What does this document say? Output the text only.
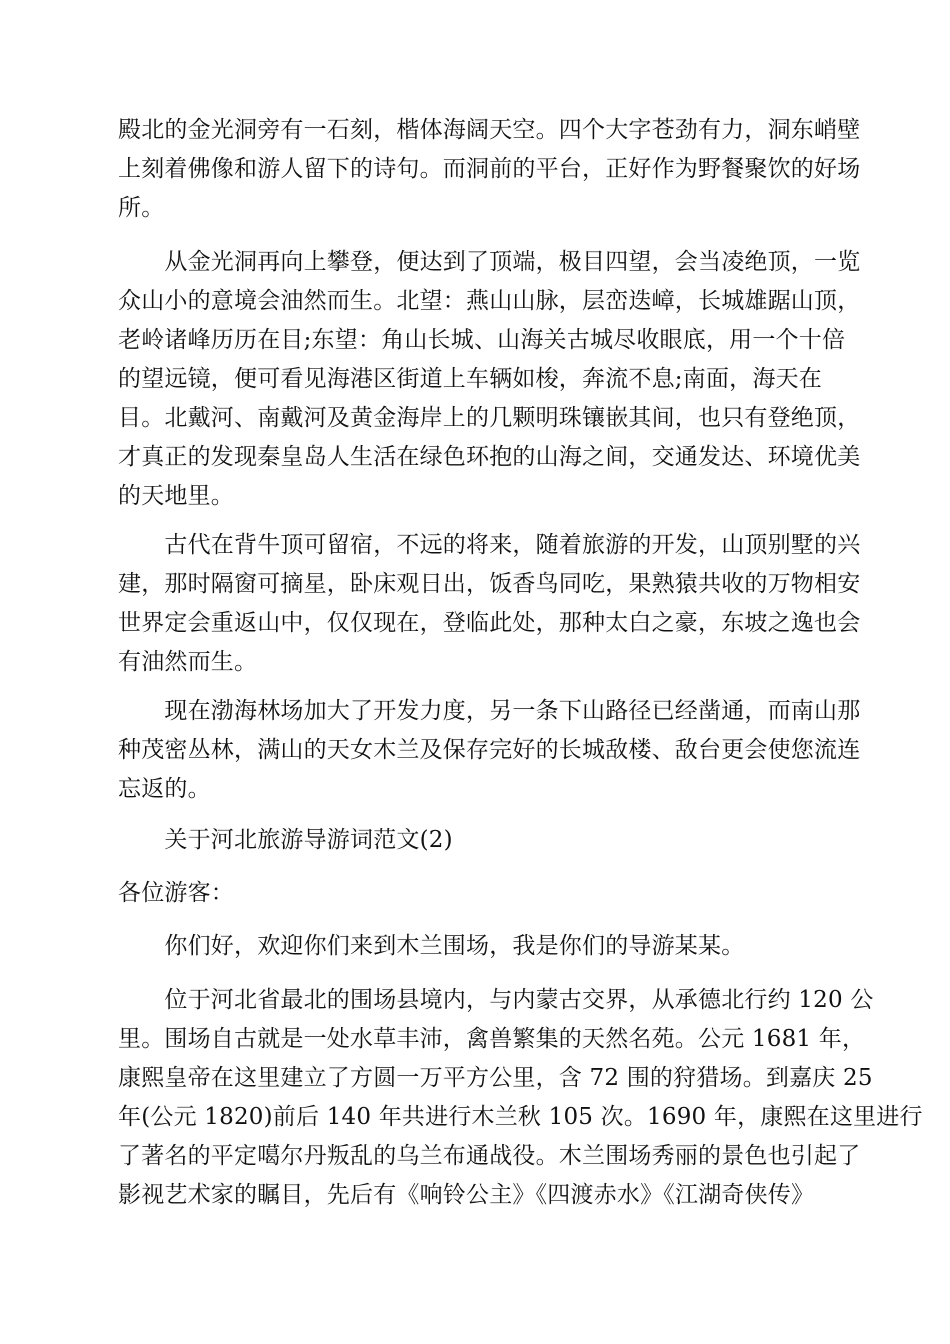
殿北的金光洞旁有一石刻，楷体海阔天空。四个大字苍劲有力，洞东峭壁
上刻着佛像和游人留下的诗句。而洞前的平台，正好作为野餐聚饮的好场
所。
　　从金光洞再向上攀登，便达到了顶端，极目四望，会当凌绝顶，一览
众山小的意境会油然而生。北望：燕山山脉，层峦迭嶂，长城雄踞山顶，
老岭诸峰历历在目;东望：角山长城、山海关古城尽收眼底，用一个十倍
的望远镜，便可看见海港区街道上车辆如梭，奔流不息;南面，海天在
目。北戴河、南戴河及黄金海岸上的几颗明珠镶嵌其间，也只有登绝顶，
才真正的发现秦皇岛人生活在绿色环抱的山海之间，交通发达、环境优美
的天地里。
　　古代在背牛顶可留宿，不远的将来，随着旅游的开发，山顶别墅的兴
建，那时隔窗可摘星，卧床观日出，饭香鸟同吃，果熟猿共收的万物相安
世界定会重返山中，仅仅现在，登临此处，那种太白之豪，东坡之逸也会
有油然而生。
　　现在渤海林场加大了开发力度，另一条下山路径已经凿通，而南山那
种茂密丛林，满山的天女木兰及保存完好的长城敌楼、敌台更会使您流连
忘返的。
　　关于河北旅游导游词范文(2)
各位游客：
　　你们好，欢迎你们来到木兰围场，我是你们的导游某某。
　　位于河北省最北的围场县境内，与内蒙古交界，从承德北行约 120 公
里。围场自古就是一处水草丰沛，禽兽繁集的天然名苑。公元 1681 年，
康熙皇帝在这里建立了方圆一万平方公里，含 72 围的狩猎场。到嘉庆 25
年(公元 1820)前后 140 年共进行木兰秋 105 次。1690 年，康熙在这里进行
了著名的平定噶尔丹叛乱的乌兰布通战役。木兰围场秀丽的景色也引起了
影视艺术家的瞩目，先后有《响铃公主》《四渡赤水》《江湖奇侠传》
